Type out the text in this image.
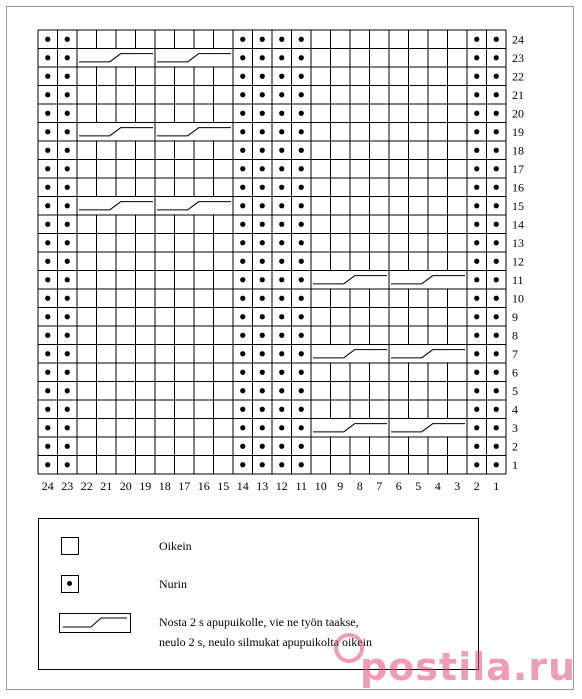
24
23
22
21
20
19
18
17
16
15
14
13
12
11
10
9
8
7
6
5
4
3
2
1
24 23 22 21 20 19 18 17 16 15 14 13 12 11 10 9 8 7 6 5 4 3 2 1
Oikein
Nurin
Nosta 2 s apupuikolle, vie ne työn taakse,
neulo 2 s, neulo silmukat apupuikolta oikein
postila.ru
